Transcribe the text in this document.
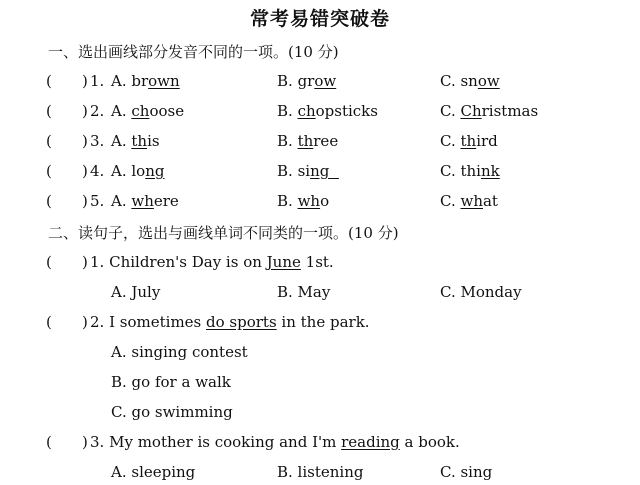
常考易错突破卷
一、选出画线部分发音不同的一项。(10 分)
( ) 1. A. brown	B. grow	C. snow
( ) 2. A. choose	B. chopsticks	C. Christmas
( ) 3. A. this	B. three	C. third
( ) 4. A. long	B. sing	C. think
( ) 5. A. where	B. who	C. what
二、读句子，选出与画线单词不同类的一项。(10 分)
( ) 1. Children's Day is on June 1st.
A. July	B. May	C. Monday
( ) 2. I sometimes do sports in the park.
A. singing contest
B. go for a walk
C. go swimming
( ) 3. My mother is cooking and I'm reading a book.
A. sleeping	B. listening	C. sing
